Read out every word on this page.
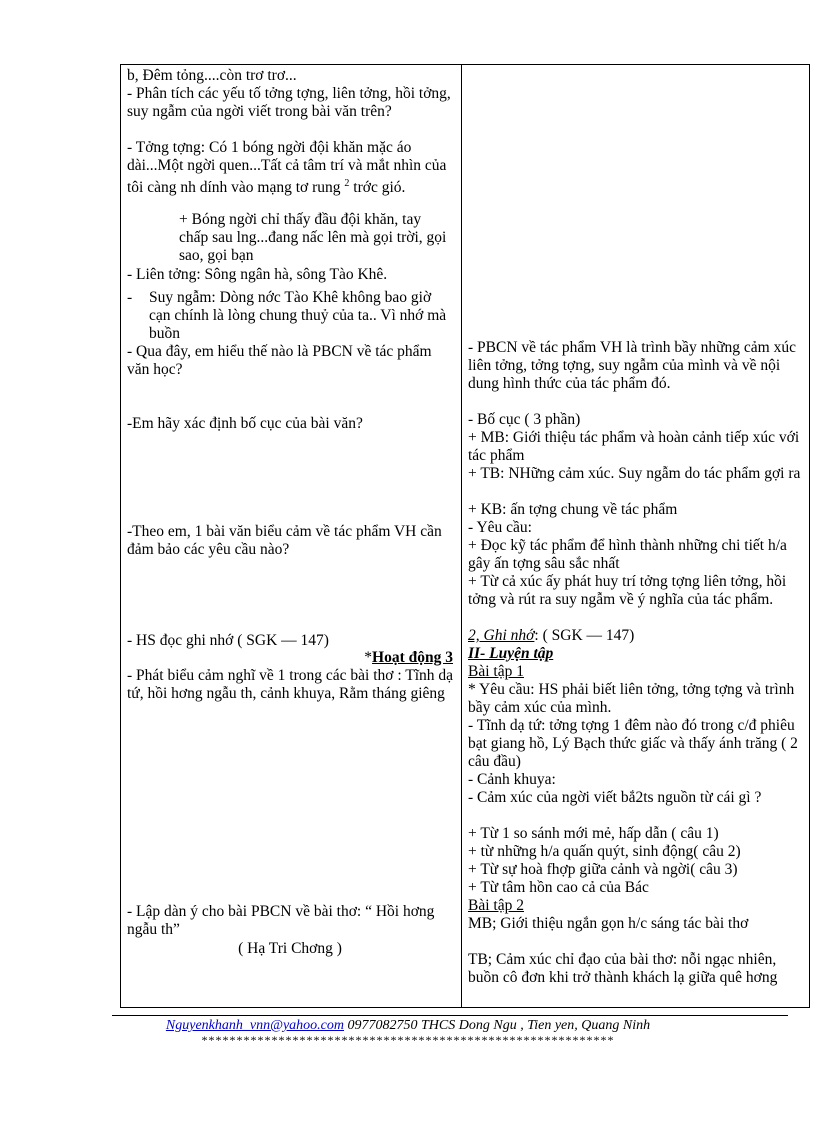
b, Đêm tỏng....còn trơ trơ...

- Phân tích các yếu tố tởng tợng, liên tởng, hồi tởng, suy ngẫm của ngời viết trong bài văn trên?

- Tởng tợng: Có 1 bóng ngời đội khăn mặc áo dài...Một ngời quen...Tất cả tâm trí và mắt nhìn của tôi càng nh dính vào mạng tơ rung $^2$ trớc gió.

+ Bóng ngời chỉ thấy đầu đội khăn, tay chấp sau lng...đang nấc lên mà gọi trời, gọi sao, gọi bạn

- Liên tởng: Sông ngân hà, sông Tào Khê.

-	Suy ngẫm: Dòng nớc Tào Khê không bao giờ cạn chính là lòng chung thuỷ của ta.. Vì nhớ mà buồn

- Qua đây, em hiểu thế nào là PBCN về tác phẩm văn học?

-Em hãy xác định bố cục của bài văn?

-Theo em, 1 bài văn biểu cảm về tác phẩm VH cần đảm bảo các yêu cầu nào?

- HS đọc ghi nhớ ( SGK — 147)

*Hoạt động 3

- Phát biểu cảm nghĩ về 1 trong các bài thơ : Tĩnh dạ tứ, hồi hơng ngẫu th, cảnh khuya, Rằm tháng giêng

- Lập dàn ý cho bài PBCN về bài thơ: “ Hồi hơng ngẫu th”

( Hạ Tri Chơng )

- PBCN về tác phẩm VH là trình bầy những cảm xúc liên tởng, tởng tợng, suy ngẫm của mình và về nội dung hình thức của tác phẩm đó.

- Bố cục ( 3 phần)

+ MB: Giới thiệu tác phẩm và hoàn cảnh tiếp xúc với tác phẩm

+ TB: NHững cảm xúc. Suy ngẫm do tác phẩm gợi ra

+ KB: ấn tợng chung về tác phẩm

- Yêu cầu:

+ Đọc kỹ tác phẩm để hình thành những chi tiết h/a gây ấn tợng sâu sắc nhất

+ Từ cả xúc ấy phát huy trí tởng tợng liên tởng, hồi tởng và rút ra suy ngẫm về ý nghĩa của tác phẩm.

2, Ghi nhớ: ( SGK — 147)

II- Luyện tập

Bài tập 1

* Yêu cầu: HS phải biết liên tởng, tởng tợng và trình bầy cảm xúc của mình.

- Tĩnh dạ tứ: tởng tợng 1 đêm nào đó trong c/đ phiêu bạt giang hồ, Lý Bạch thức giấc và thấy ánh trăng ( 2 câu đầu)

- Cảnh khuya:

- Cảm xúc của ngời viết bắ2ts nguồn từ cái gì ?

+ Từ 1 so sánh mới mẻ, hấp dẫn ( câu 1)

+ từ những h/a quấn quýt, sinh động( câu 2)

+ Từ sự hoà fhợp giữa cảnh và ngời( câu 3)

+ Từ tâm hồn cao cả của Bác

Bài tập 2

MB; Giới thiệu ngắn gọn h/c sáng tác bài thơ

TB; Cảm xúc chỉ đạo của bài thơ: nỗi ngạc nhiên, buồn cô đơn khi trở thành khách lạ giữa quê hơng

Nguyenkhanh_vnn@yahoo.com 0977082750 THCS Dong Ngu , Tien yen, Quang Ninh
***********************************************************
